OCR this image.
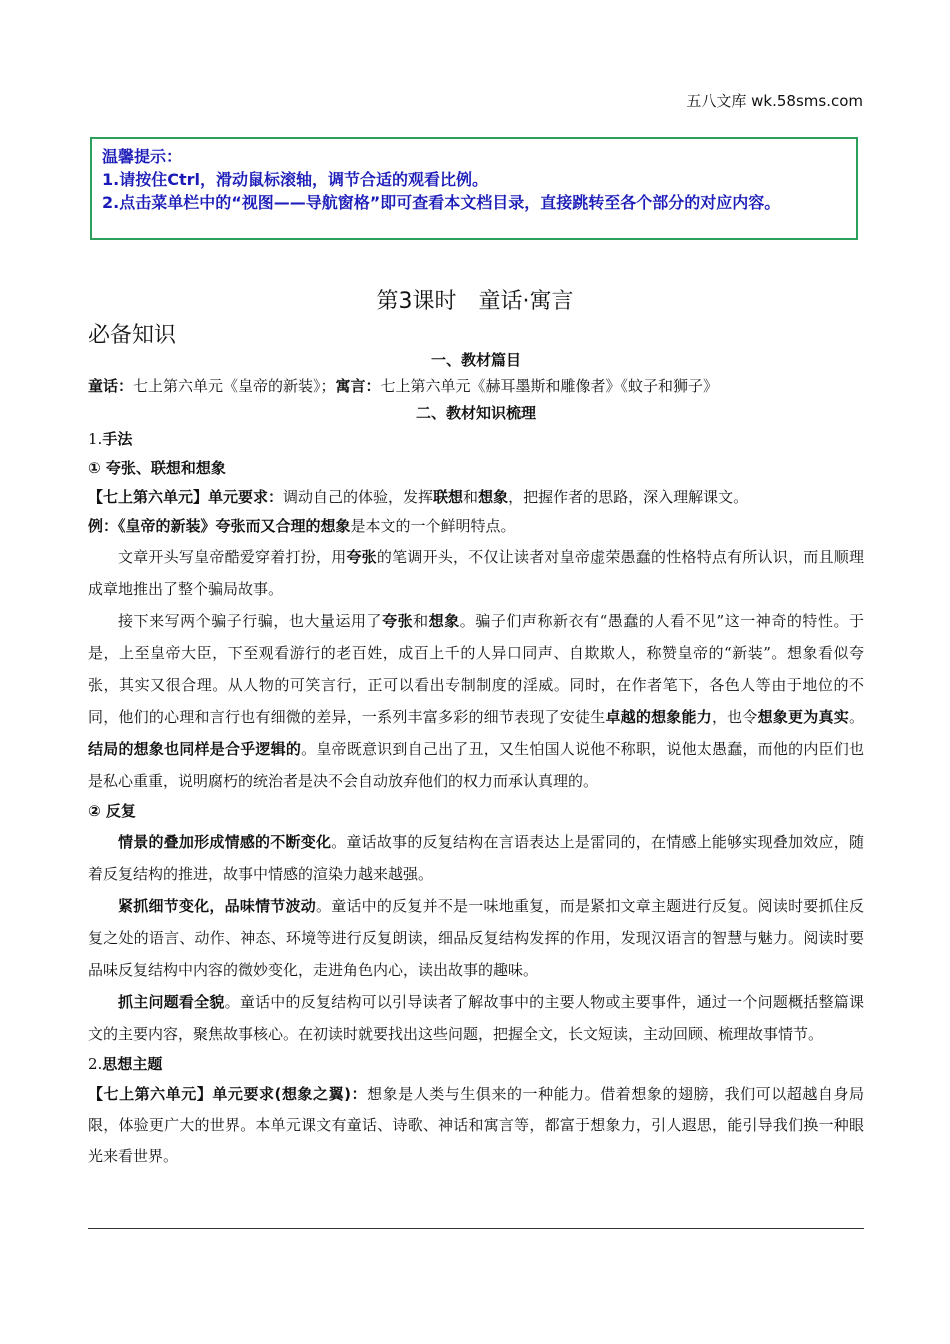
五八文库 wk.58sms.com
温馨提示：
1.请按住Ctrl，滑动鼠标滚轴，调节合适的观看比例。
2.点击菜单栏中的“视图——导航窗格”即可查看本文档目录，直接跳转至各个部分的对应内容。
第3课时　童话·寓言
必备知识
一、教材篇目
童话：七上第六单元《皇帝的新装》；寓言：七上第六单元《赫耳墨斯和雕像者》《蚊子和狮子》
二、教材知识梳理
1.手法
① 夸张、联想和想象
【七上第六单元】单元要求：调动自己的体验，发挥联想和想象，把握作者的思路，深入理解课文。
例：《皇帝的新装》夸张而又合理的想象是本文的一个鲜明特点。
文章开头写皇帝酷爱穿着打扮，用夸张的笔调开头，不仅让读者对皇帝虚荣愚蠢的性格特点有所认识，而且顺理成章地推出了整个骗局故事。
接下来写两个骗子行骗，也大量运用了夸张和想象。骗子们声称新衣有“愚蠢的人看不见”这一神奇的特性。于是，上至皇帝大臣，下至观看游行的老百姓，成百上千的人异口同声、自欺欺人，称赞皇帝的“新装”。想象看似夸张，其实又很合理。从人物的可笑言行，正可以看出专制制度的淫威。同时，在作者笔下，各色人等由于地位的不同，他们的心理和言行也有细微的差异，一系列丰富多彩的细节表现了安徒生卓越的想象能力，也令想象更为真实。结局的想象也同样是合乎逻辑的。皇帝既意识到自己出了丑，又生怕国人说他不称职，说他太愚蠢，而他的内臣们也是私心重重，说明腐朽的统治者是决不会自动放弃他们的权力而承认真理的。
② 反复
情景的叠加形成情感的不断变化。童话故事的反复结构在言语表达上是雷同的，在情感上能够实现叠加效应，随着反复结构的推进，故事中情感的渲染力越来越强。
紧抓细节变化，品味情节波动。童话中的反复并不是一味地重复，而是紧扣文章主题进行反复。阅读时要抓住反复之处的语言、动作、神态、环境等进行反复朗读，细品反复结构发挥的作用，发现汉语言的智慧与魅力。阅读时要品味反复结构中内容的微妙变化，走进角色内心，读出故事的趣味。
抓主问题看全貌。童话中的反复结构可以引导读者了解故事中的主要人物或主要事件，通过一个问题概括整篇课文的主要内容，聚焦故事核心。在初读时就要找出这些问题，把握全文，长文短读，主动回顾、梳理故事情节。
2.思想主题
【七上第六单元】单元要求(想象之翼)：想象是人类与生俱来的一种能力。借着想象的翅膀，我们可以超越自身局限，体验更广大的世界。本单元课文有童话、诗歌、神话和寓言等，都富于想象力，引人遐思，能引导我们换一种眼光来看世界。
